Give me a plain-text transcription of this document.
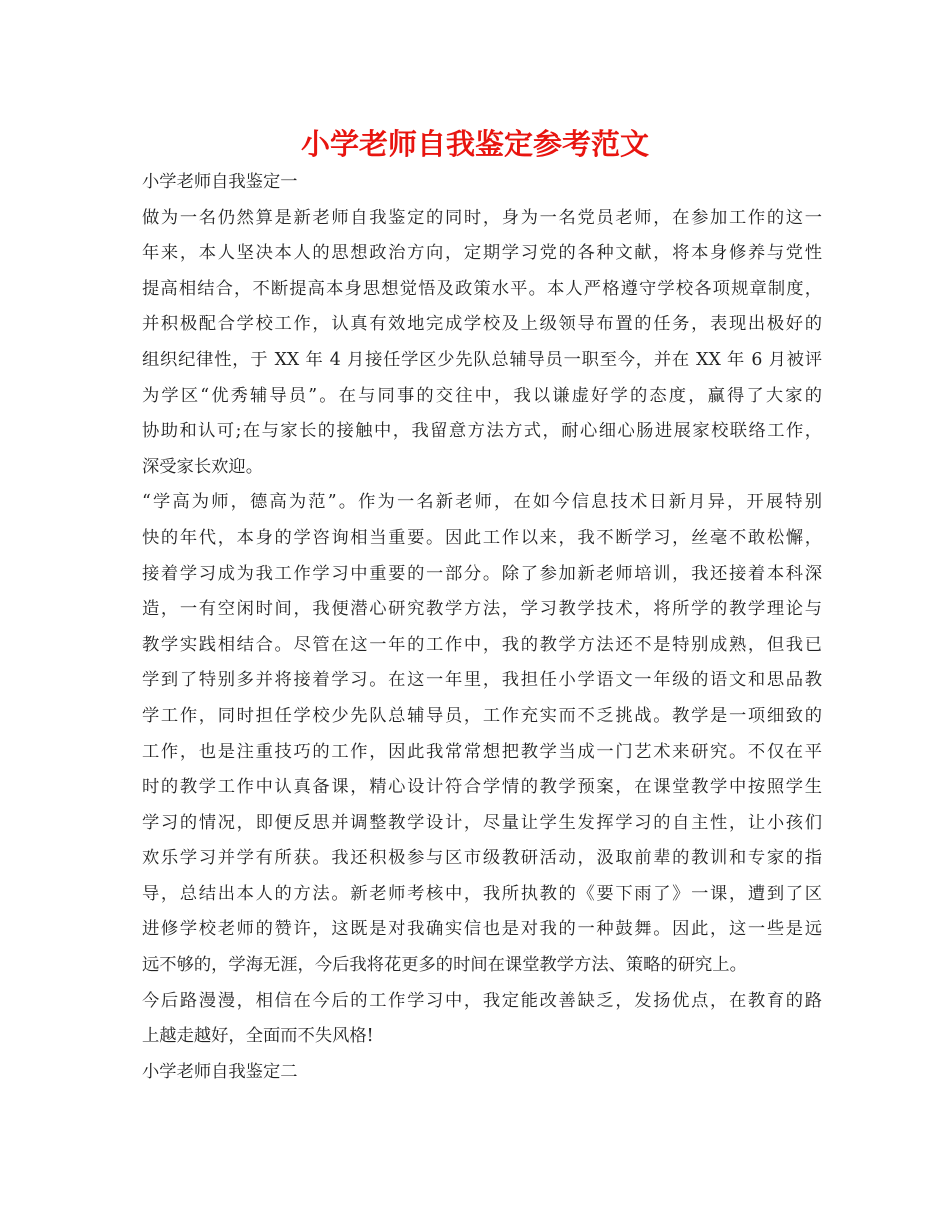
小学老师自我鉴定参考范文
小学老师自我鉴定一
做为一名仍然算是新老师自我鉴定的同时，身为一名党员老师，在参加工作的这一
年来，本人坚决本人的思想政治方向，定期学习党的各种文献，将本身修养与党性
提高相结合，不断提高本身思想觉悟及政策水平。本人严格遵守学校各项规章制度，
并积极配合学校工作，认真有效地完成学校及上级领导布置的任务，表现出极好的
组织纪律性，于 XX 年 4 月接任学区少先队总辅导员一职至今，并在 XX 年 6 月被评
为学区“优秀辅导员”。在与同事的交往中，我以谦虚好学的态度，赢得了大家的
协助和认可;在与家长的接触中，我留意方法方式，耐心细心肠进展家校联络工作，
深受家长欢迎。
“学高为师，德高为范”。作为一名新老师，在如今信息技术日新月异，开展特别
快的年代，本身的学咨询相当重要。因此工作以来，我不断学习，丝毫不敢松懈，
接着学习成为我工作学习中重要的一部分。除了参加新老师培训，我还接着本科深
造，一有空闲时间，我便潜心研究教学方法，学习教学技术，将所学的教学理论与
教学实践相结合。尽管在这一年的工作中，我的教学方法还不是特别成熟，但我已
学到了特别多并将接着学习。在这一年里，我担任小学语文一年级的语文和思品教
学工作，同时担任学校少先队总辅导员，工作充实而不乏挑战。教学是一项细致的
工作，也是注重技巧的工作，因此我常常想把教学当成一门艺术来研究。不仅在平
时的教学工作中认真备课，精心设计符合学情的教学预案，在课堂教学中按照学生
学习的情况，即便反思并调整教学设计，尽量让学生发挥学习的自主性，让小孩们
欢乐学习并学有所获。我还积极参与区市级教研活动，汲取前辈的教训和专家的指
导，总结出本人的方法。新老师考核中，我所执教的《要下雨了》一课，遭到了区
进修学校老师的赞许，这既是对我确实信也是对我的一种鼓舞。因此，这一些是远
远不够的，学海无涯，今后我将花更多的时间在课堂教学方法、策略的研究上。
今后路漫漫，相信在今后的工作学习中，我定能改善缺乏，发扬优点，在教育的路
上越走越好，全面而不失风格!
小学老师自我鉴定二
